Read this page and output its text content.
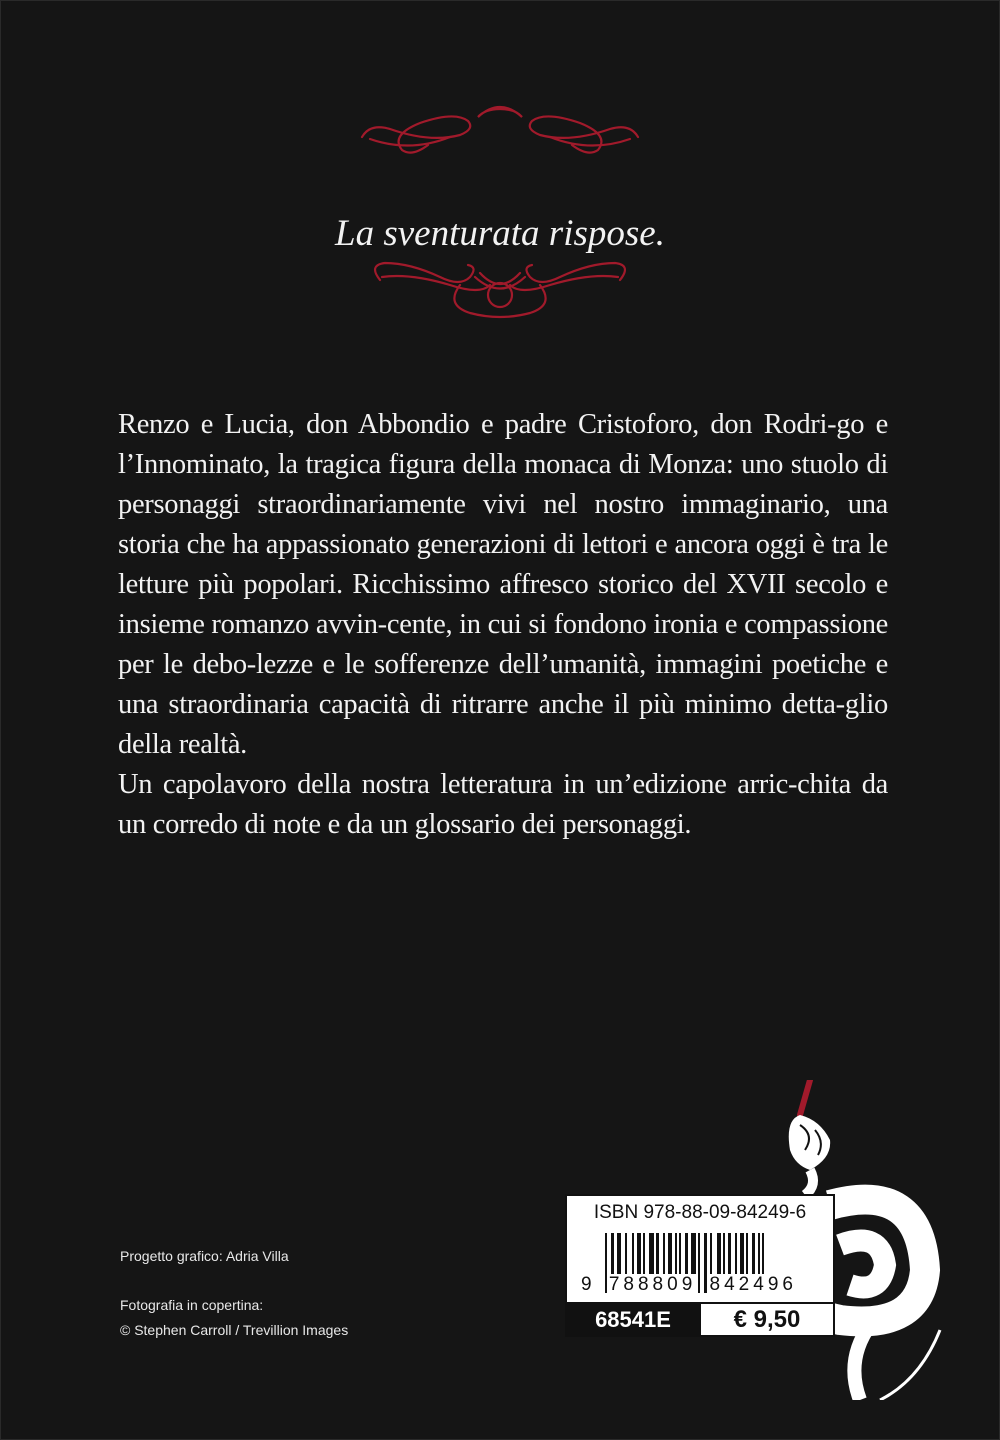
La sventurata rispose.

Renzo e Lucia, don Abbondio e padre Cristoforo, don Rodri-go e l’Innominato, la tragica figura della monaca di Monza: uno stuolo di personaggi straordinariamente vivi nel nostro immaginario, una storia che ha appassionato generazioni di lettori e ancora oggi è tra le letture più popolari. Ricchissimo affresco storico del XVII secolo e insieme romanzo avvin-cente, in cui si fondono ironia e compassione per le debo-lezze e le sofferenze dell’umanità, immagini poetiche e una straordinaria capacità di ritrarre anche il più minimo detta-glio della realtà.

Un capolavoro della nostra letteratura in un’edizione arric-chita da un corredo di note e da un glossario dei personaggi.

Progetto grafico: Adria Villa
Fotografia in copertina:
© Stephen Carroll / Trevillion Images
ISBN 978-88-09-84249-6
9 788809 842496
68541E	€ 9,50
